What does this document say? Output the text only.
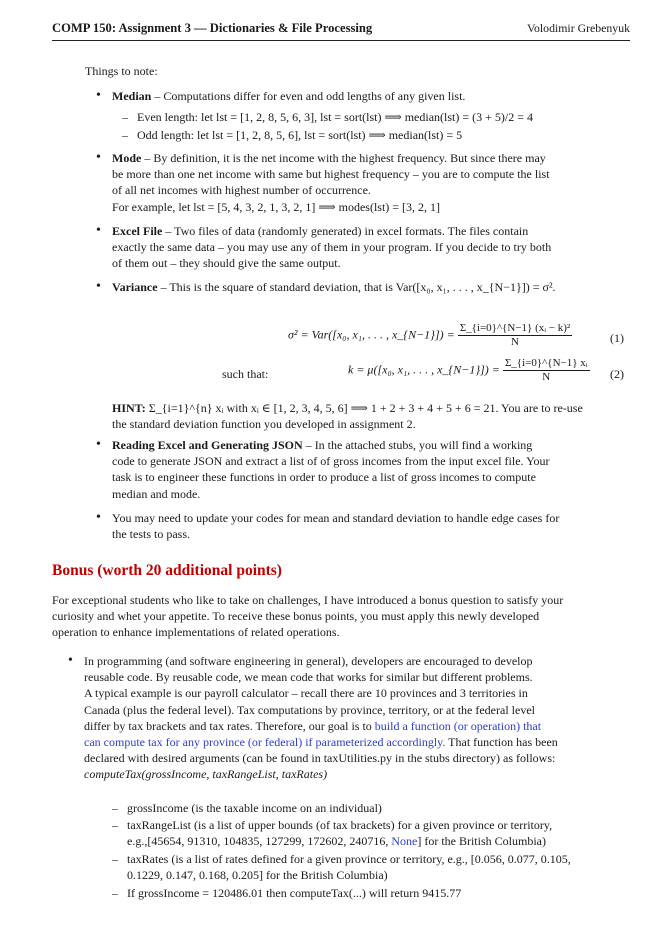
COMP 150: Assignment 3 — Dictionaries & File Processing	Volodimir Grebenyuk
Things to note:
• Median – Computations differ for even and odd lengths of any given list.
– Even length: let lst = [1, 2, 8, 5, 6, 3], lst = sort(lst) ⟹ median(lst) = (3 + 5)/2 = 4
– Odd length: let lst = [1, 2, 8, 5, 6], lst = sort(lst) ⟹ median(lst) = 5
• Mode – By definition, it is the net income with the highest frequency. But since there may
be more than one net income with same but highest frequency – you are to compute the list
of all net incomes with highest number of occurrence.
For example, let lst = [5, 4, 3, 2, 1, 3, 2, 1] ⟹ modes(lst) = [3, 2, 1]
• Excel File – Two files of data (randomly generated) in excel formats. The files contain
exactly the same data – you may use any of them in your program. If you decide to try both
of them out – they should give the same output.
• Variance – This is the square of standard deviation, that is Var([x₀, x₁, . . . , x_{N−1}]) = σ².
σ² = Var([x₀, x₁, . . . , x_{N−1}]) = $\frac{\text{Σ\_\{i=0\}\textasciicircum{}\{N−1\} (xᵢ − k)²}}{N}$	(1)
such that:	k = μ([x₀, x₁, . . . , x_{N−1}]) = $\frac{\text{Σ\_\{i=0\}\textasciicircum{}\{N−1\} xᵢ}}{N} (2)$
HINT: Σ_{i=1}^{n} xᵢ with xᵢ ∈ [1, 2, 3, 4, 5, 6] ⟹ 1 + 2 + 3 + 4 + 5 + 6 = 21. You are to re-use
the standard deviation function you developed in assignment 2.
• Reading Excel and Generating JSON – In the attached stubs, you will find a working
code to generate JSON and extract a list of of gross incomes from the input excel file. Your
task is to engineer these functions in order to produce a list of gross incomes to compute
median and mode.
• You may need to update your codes for mean and standard deviation to handle edge cases for
the tests to pass.
Bonus (worth 20 additional points)
For exceptional students who like to take on challenges, I have introduced a bonus question to satisfy your
curiosity and whet your appetite. To receive these bonus points, you must apply this newly developed
operation to enhance implementations of related operations.
• In programming (and software engineering in general), developers are encouraged to develop
reusable code. By reusable code, we mean code that works for similar but different problems.
A typical example is our payroll calculator – recall there are 10 provinces and 3 territories in
Canada (plus the federal level). Tax computations by province, territory, or at the federal level
differ by tax brackets and tax rates. Therefore, our goal is to build a function (or operation) that
can compute tax for any province (or federal) if parameterized accordingly. That function has been
declared with desired arguments (can be found in taxUtilities.py in the stubs directory) as follows:
computeTax(grossIncome, taxRangeList, taxRates)
– grossIncome (is the taxable income on an individual)
– taxRangeList (is a list of upper bounds (of tax brackets) for a given province or territory,
e.g.,[45654, 91310, 104835, 127299, 172602, 240716, None] for the British Columbia)
– taxRates (is a list of rates defined for a given province or territory, e.g., [0.056, 0.077, 0.105,
0.1229, 0.147, 0.168, 0.205] for the British Columbia)
– If grossIncome = 120486.01 then computeTax(...) will return 9415.77
